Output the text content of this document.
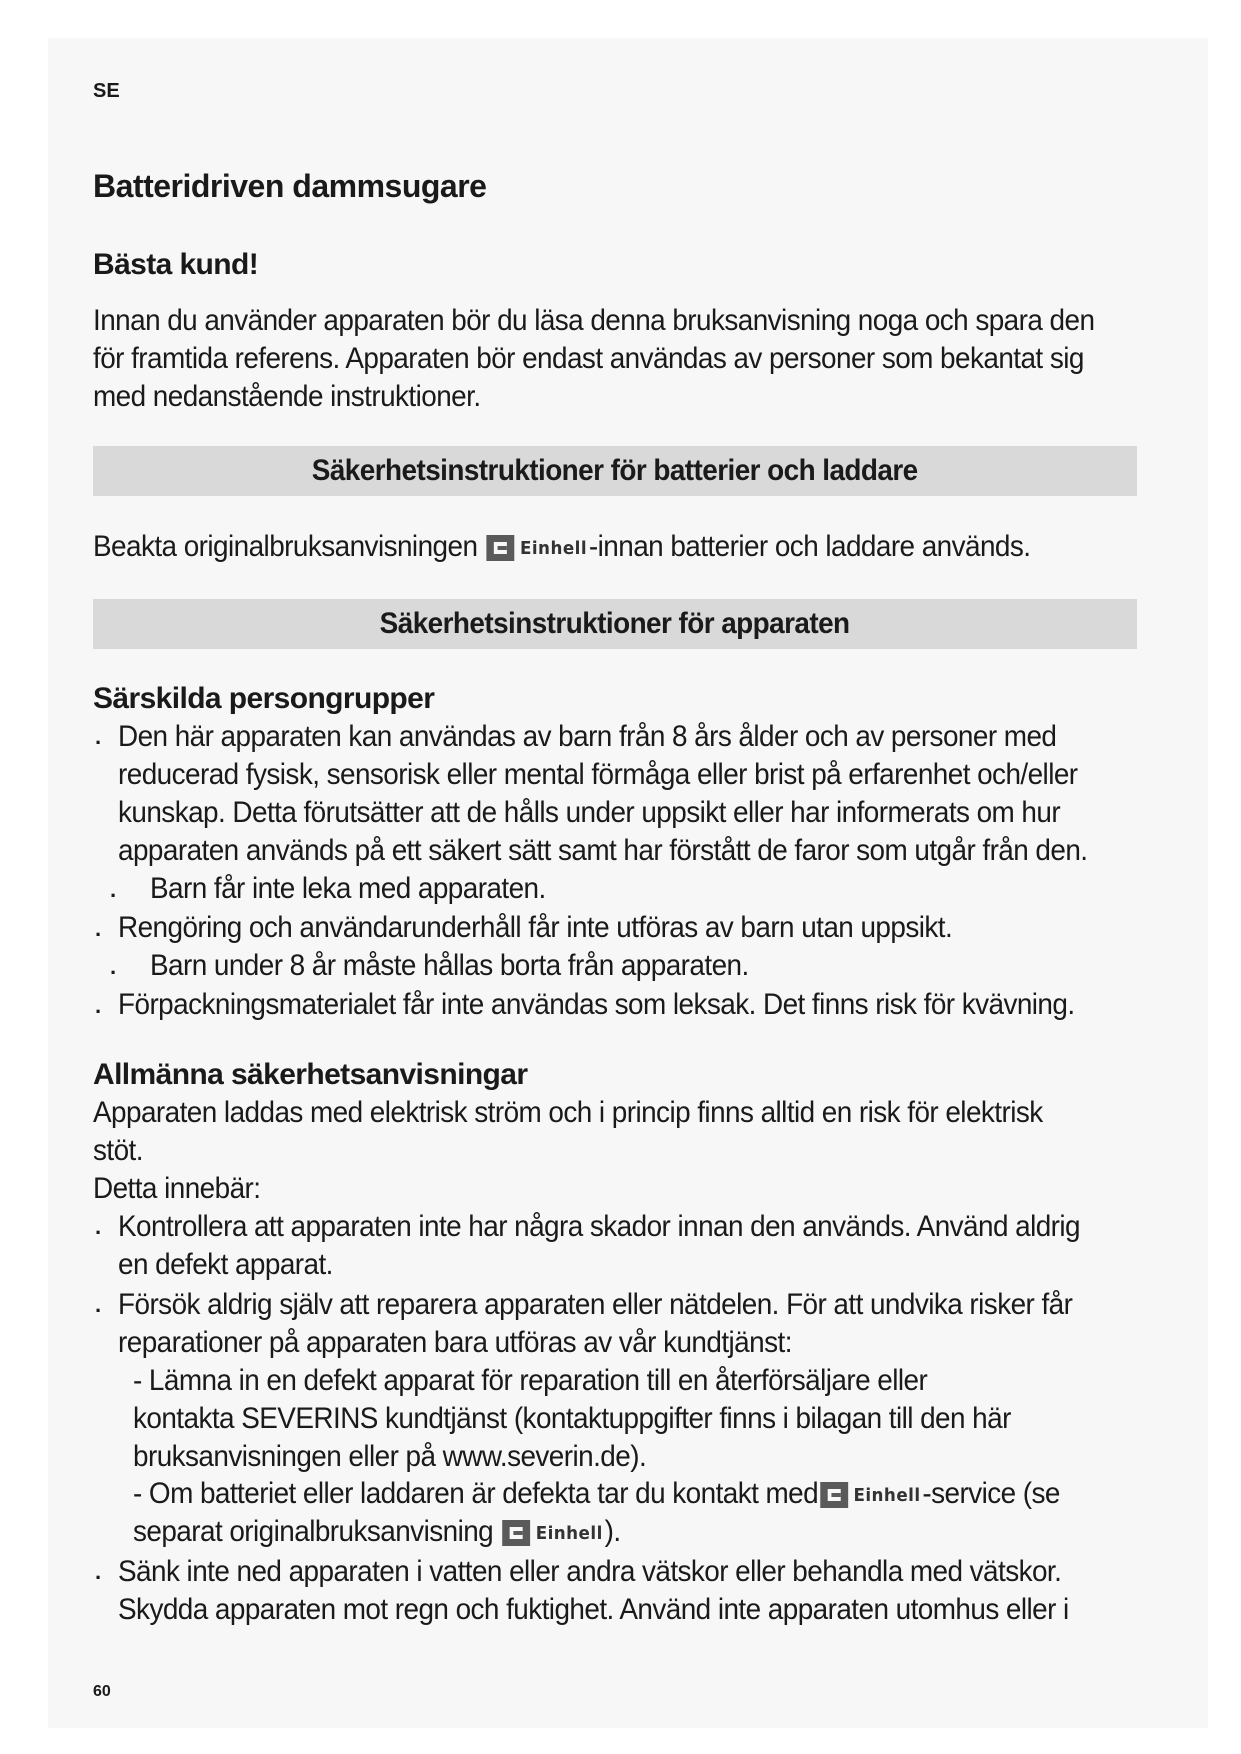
SE

Batteridriven dammsugare
Bästa kund!
Innan du använder apparaten bör du läsa denna bruksanvisning noga och spara den
för framtida referens. Apparaten bör endast användas av personer som bekantat sig
med nedanstående instruktioner.
Säkerhetsinstruktioner för batterier och laddare
Beakta originalbruksanvisningen Einhell -innan batterier och laddare används.
Säkerhetsinstruktioner för apparaten
Särskilda persongrupper
· Den här apparaten kan användas av barn från 8 års ålder och av personer med
reducerad fysisk, sensorisk eller mental förmåga eller brist på erfarenhet och/eller
kunskap. Detta förutsätter att de hålls under uppsikt eller har informerats om hur
apparaten används på ett säkert sätt samt har förstått de faror som utgår från den.
· Barn får inte leka med apparaten.
· Rengöring och användarunderhåll får inte utföras av barn utan uppsikt.
· Barn under 8 år måste hållas borta från apparaten.
· Förpackningsmaterialet får inte användas som leksak. Det finns risk för kvävning.
Allmänna säkerhetsanvisningar
Apparaten laddas med elektrisk ström och i princip finns alltid en risk för elektrisk
stöt.
Detta innebär:
· Kontrollera att apparaten inte har några skador innan den används. Använd aldrig
en defekt apparat.
· Försök aldrig själv att reparera apparaten eller nätdelen. För att undvika risker får
reparationer på apparaten bara utföras av vår kundtjänst:
- Lämna in en defekt apparat för reparation till en återförsäljare eller
kontakta SEVERINS kundtjänst (kontaktuppgifter finns i bilagan till den här
bruksanvisningen eller på www.severin.de).
- Om batteriet eller laddaren är defekta tar du kontakt med Einhell -service (se
separat originalbruksanvisning Einhell ).
· Sänk inte ned apparaten i vatten eller andra vätskor eller behandla med vätskor.
Skydda apparaten mot regn och fuktighet. Använd inte apparaten utomhus eller i

60
